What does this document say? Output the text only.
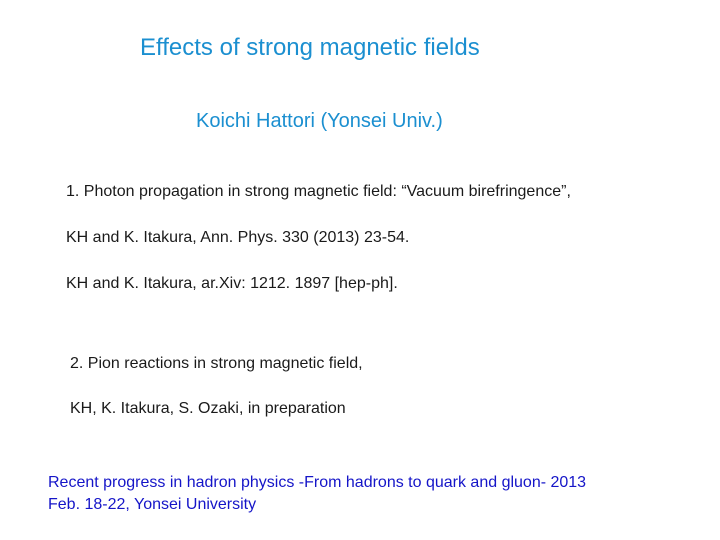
Effects of strong magnetic fields

Koichi Hattori (Yonsei Univ.)

1. Photon propagation in strong magnetic field: “Vacuum birefringence”,

KH and K. Itakura, Ann. Phys. 330 (2013) 23-54.

KH and K. Itakura, ar.Xiv: 1212. 1897 [hep-ph].

2. Pion reactions in strong magnetic field,

KH, K. Itakura, S. Ozaki, in preparation

Recent progress in hadron physics -From hadrons to quark and gluon- 2013

Feb. 18-22, Yonsei University
